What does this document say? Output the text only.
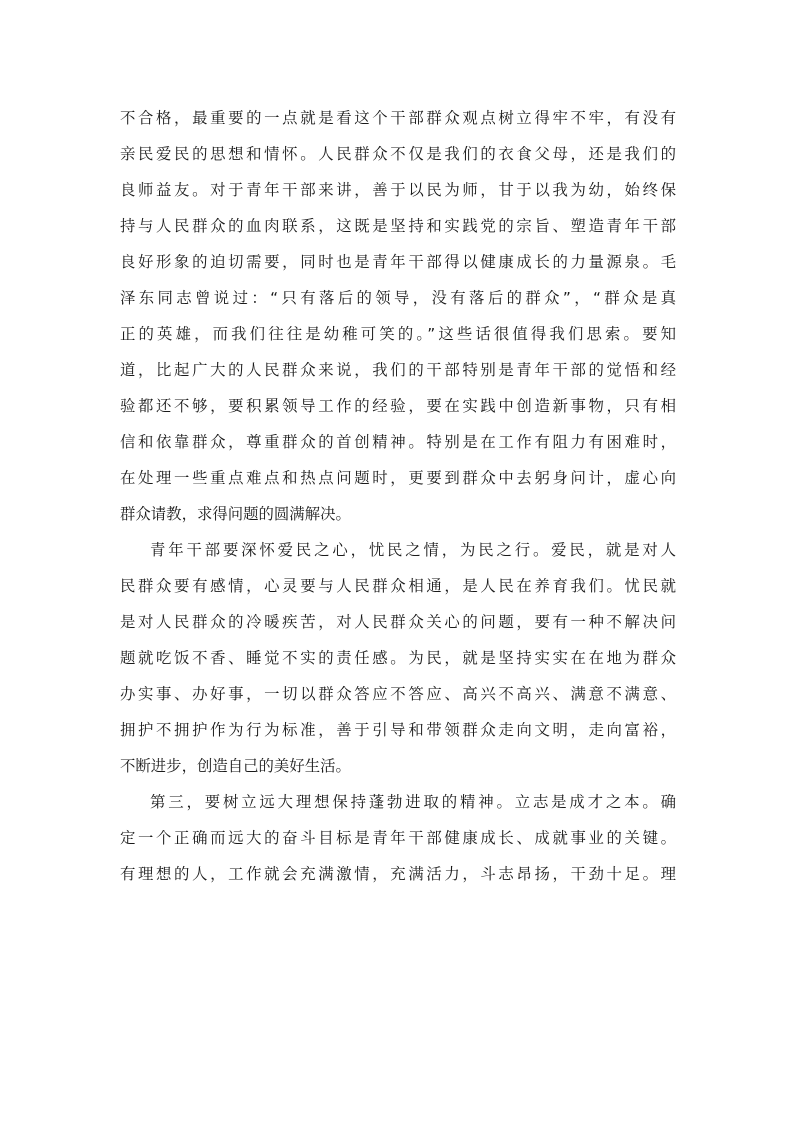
不合格，最重要的一点就是看这个干部群众观点树立得牢不牢，有没有
亲民爱民的思想和情怀。人民群众不仅是我们的衣食父母，还是我们的
良师益友。对于青年干部来讲，善于以民为师，甘于以我为幼，始终保
持与人民群众的血肉联系，这既是坚持和实践党的宗旨、塑造青年干部
良好形象的迫切需要，同时也是青年干部得以健康成长的力量源泉。毛
泽东同志曾说过：“只有落后的领导，没有落后的群众”，“群众是真
正的英雄，而我们往往是幼稚可笑的。”这些话很值得我们思索。要知
道，比起广大的人民群众来说，我们的干部特别是青年干部的觉悟和经
验都还不够，要积累领导工作的经验，要在实践中创造新事物，只有相
信和依靠群众，尊重群众的首创精神。特别是在工作有阻力有困难时，
在处理一些重点难点和热点问题时，更要到群众中去躬身问计，虚心向
群众请教，求得问题的圆满解决。
青年干部要深怀爱民之心，忧民之情，为民之行。爱民，就是对人
民群众要有感情，心灵要与人民群众相通，是人民在养育我们。忧民就
是对人民群众的冷暖疾苦，对人民群众关心的问题，要有一种不解决问
题就吃饭不香、睡觉不实的责任感。为民，就是坚持实实在在地为群众
办实事、办好事，一切以群众答应不答应、高兴不高兴、满意不满意、
拥护不拥护作为行为标准，善于引导和带领群众走向文明，走向富裕，
不断进步，创造自己的美好生活。
第三，要树立远大理想保持蓬勃进取的精神。立志是成才之本。确
定一个正确而远大的奋斗目标是青年干部健康成长、成就事业的关键。
有理想的人，工作就会充满激情，充满活力，斗志昂扬，干劲十足。理
